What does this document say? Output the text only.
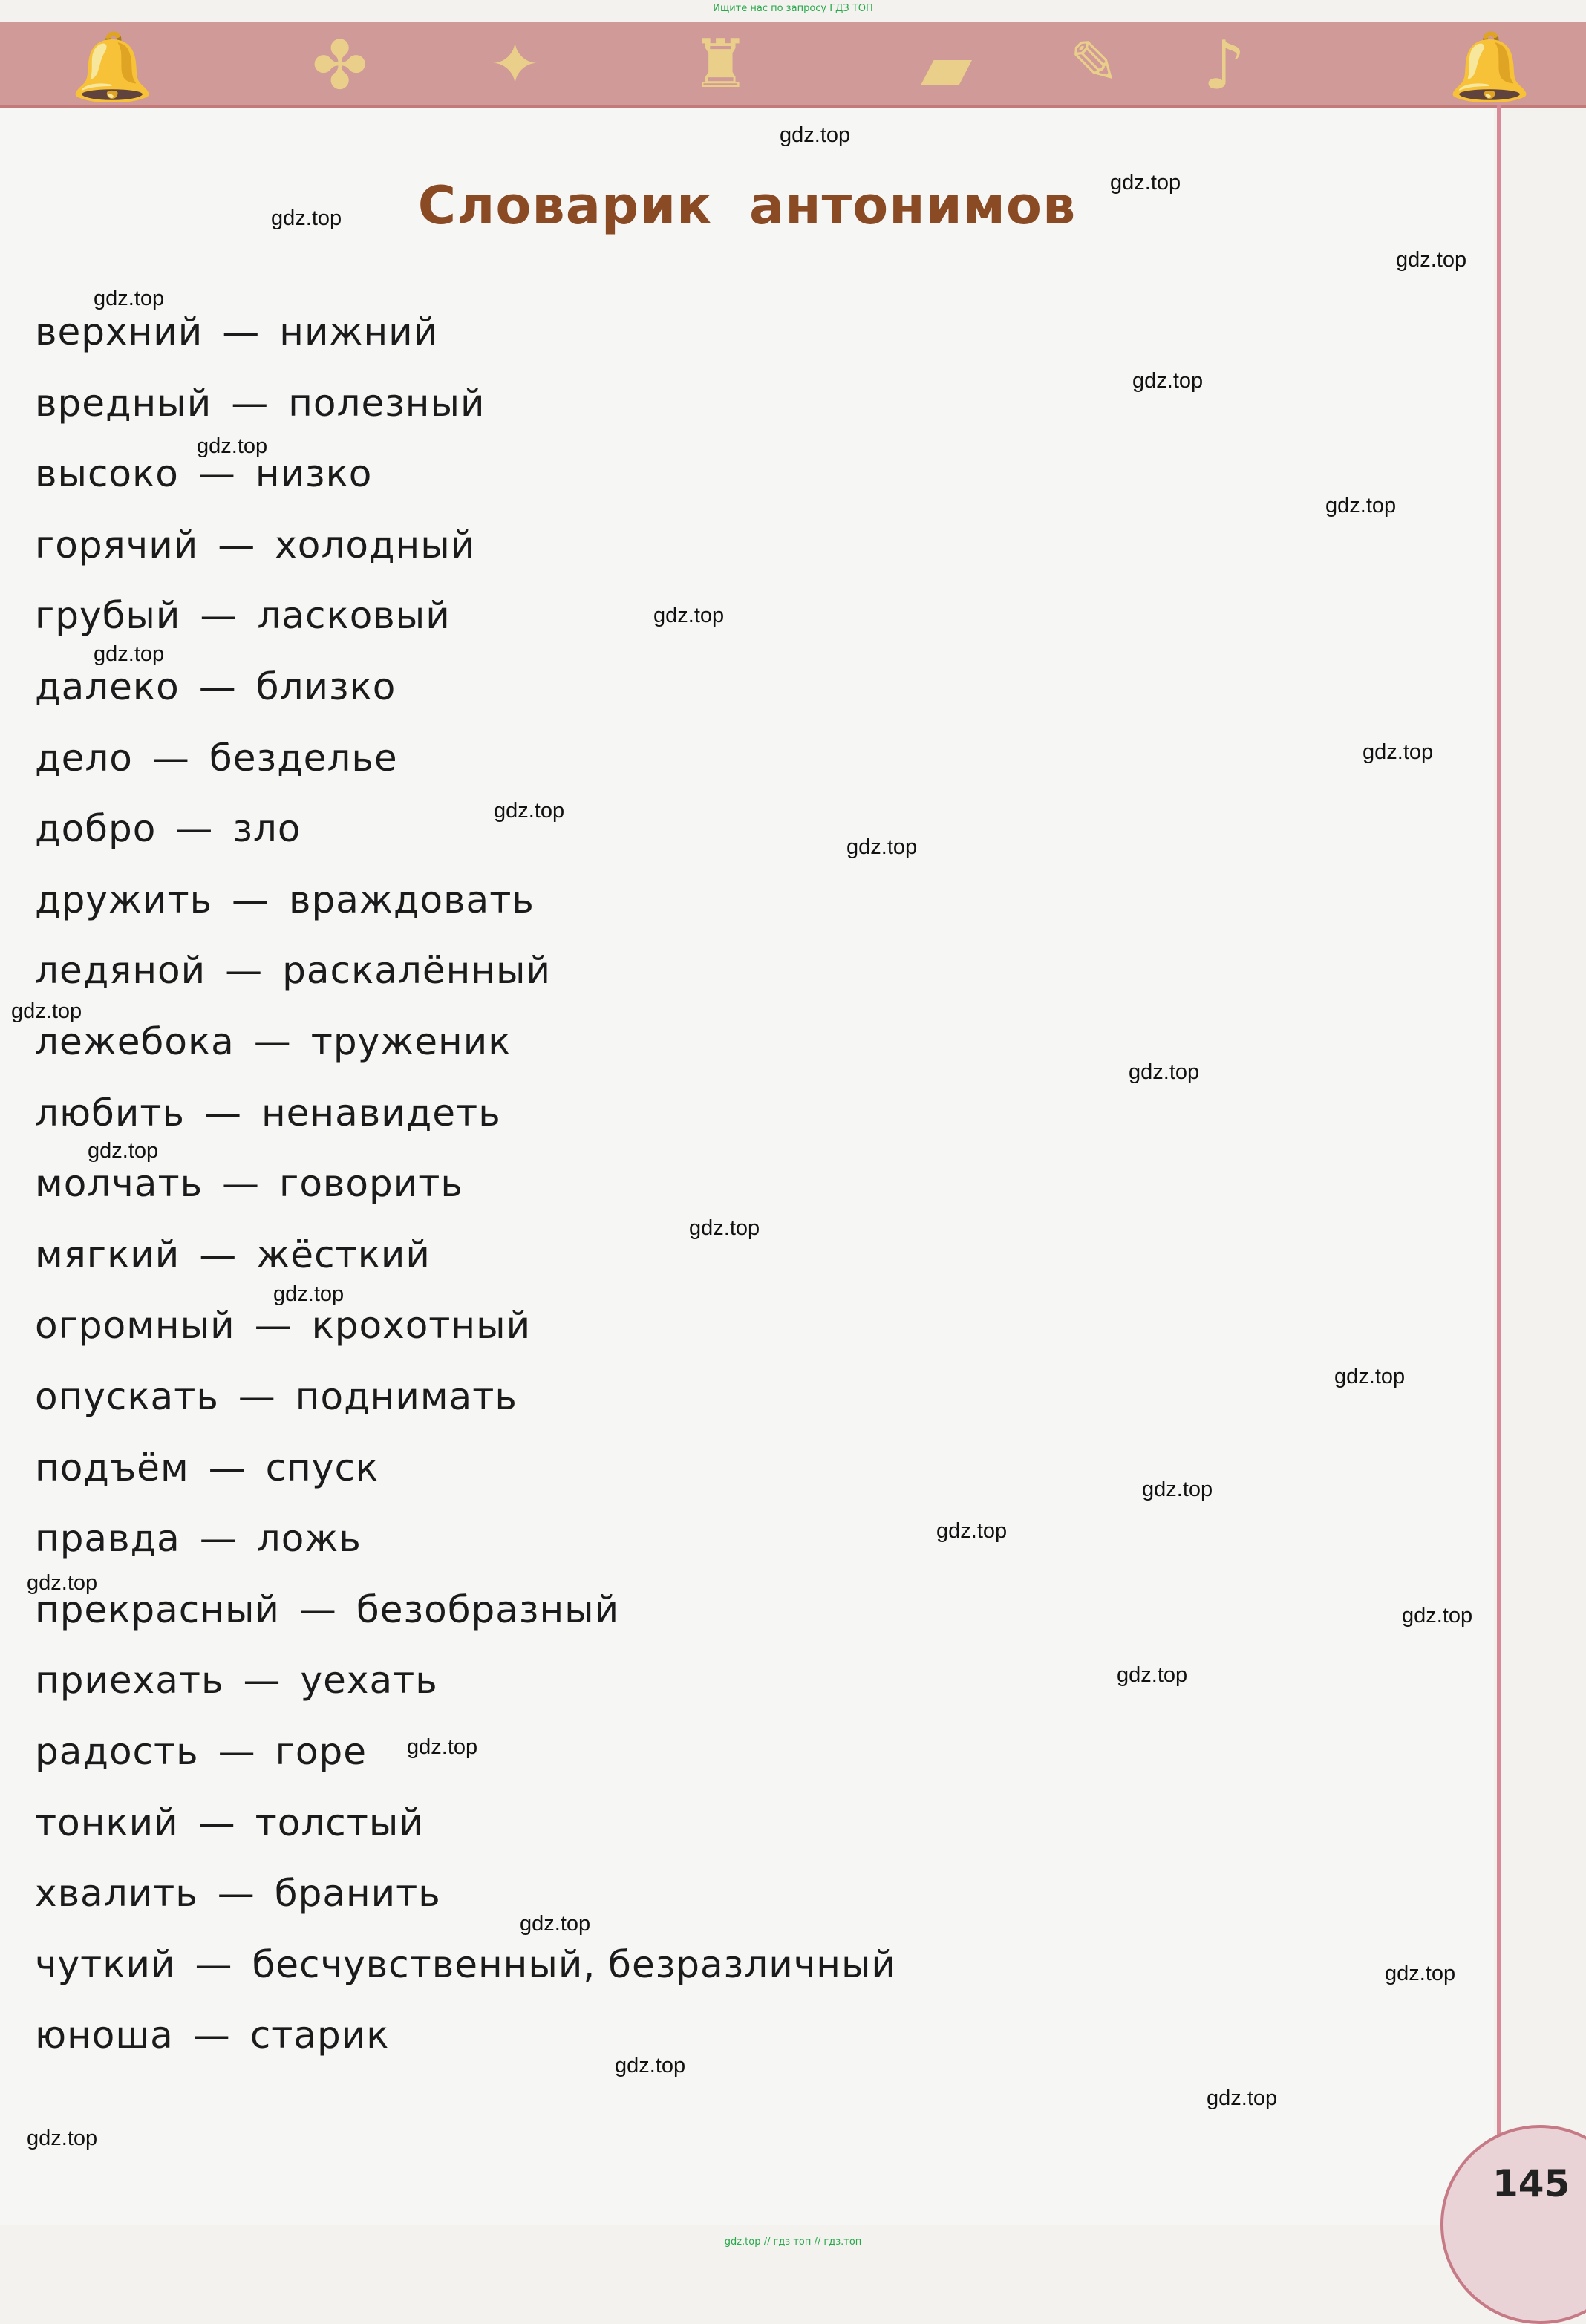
Ищите нас по запросу ГДЗ ТОП
🔔 ✤ ✦ ♜	▰ ✎ ♪	🔔

Словарик антонимов
верхний — нижний
вредный — полезный
высоко — низко
горячий — холодный
грубый — ласковый
далеко — близко
дело — безделье
добро — зло
дружить — враждовать
ледяной — раскалённый
лежебока — труженик
любить — ненавидеть
молчать — говорить
мягкий — жёсткий
огромный — крохотный
опускать — поднимать
подъём — спуск
правда — ложь
прекрасный — безобразный
приехать — уехать
радость — горе
тонкий — толстый
хвалить — бранить
чуткий — бесчувственный, безразличный
юноша — старик
gdz.top
gdz.top
gdz.top
gdz.top
gdz.top
gdz.top
gdz.top
gdz.top
gdz.top
gdz.top
gdz.top
gdz.top
gdz.top
gdz.top
gdz.top
gdz.top
gdz.top
gdz.top
gdz.top
gdz.top
gdz.top
gdz.top
gdz.top
gdz.top
gdz.top
gdz.top
gdz.top
gdz.top
gdz.top
gdz.top
145
gdz.top // гдз топ // гдз.топ
